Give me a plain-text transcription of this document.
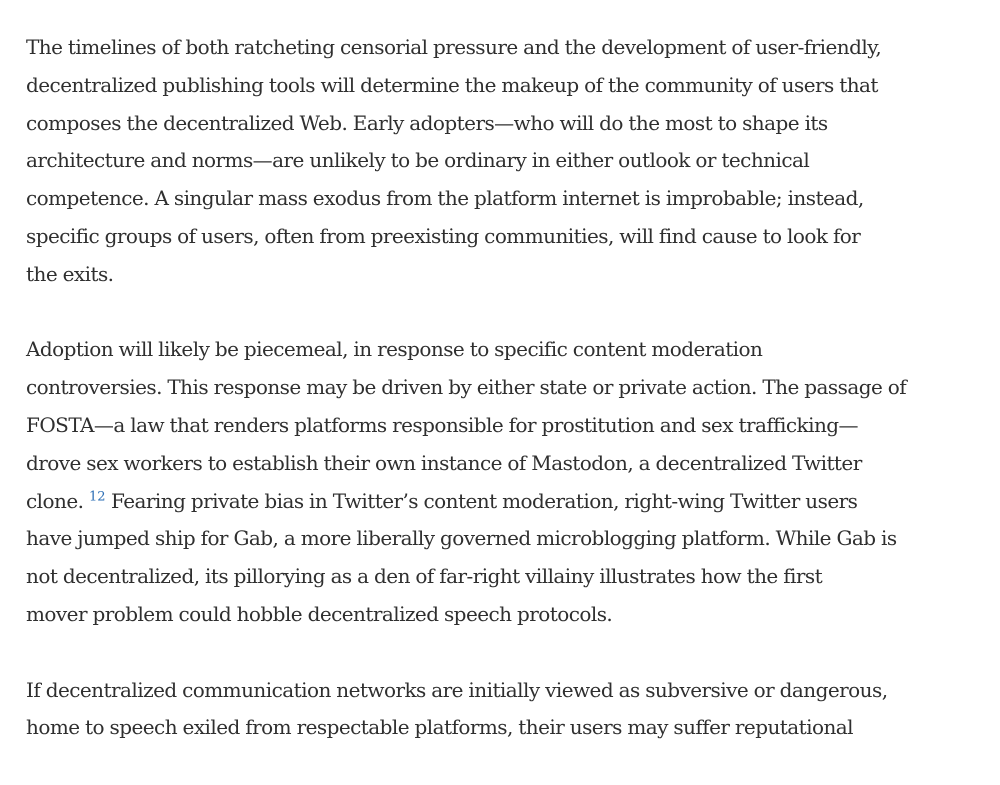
The timelines of both ratcheting censorial pressure and the development of user-friendly,
decentralized publishing tools will determine the makeup of the community of users that
composes the decentralized Web. Early adopters—who will do the most to shape its
architecture and norms—are unlikely to be ordinary in either outlook or technical
competence. A singular mass exodus from the platform internet is improbable; instead,
specific groups of users, often from preexisting communities, will find cause to look for
the exits.

Adoption will likely be piecemeal, in response to specific content moderation
controversies. This response may be driven by either state or private action. The passage of
FOSTA—a law that renders platforms responsible for prostitution and sex trafficking—
drove sex workers to establish their own instance of Mastodon, a decentralized Twitter
clone. $^{12}$ Fearing private bias in Twitter’s content moderation, right-wing Twitter users
have jumped ship for Gab, a more liberally governed microblogging platform. While Gab is
not decentralized, its pillorying as a den of far-right villainy illustrates how the first
mover problem could hobble decentralized speech protocols.

If decentralized communication networks are initially viewed as subversive or dangerous,
home to speech exiled from respectable platforms, their users may suffer reputational
